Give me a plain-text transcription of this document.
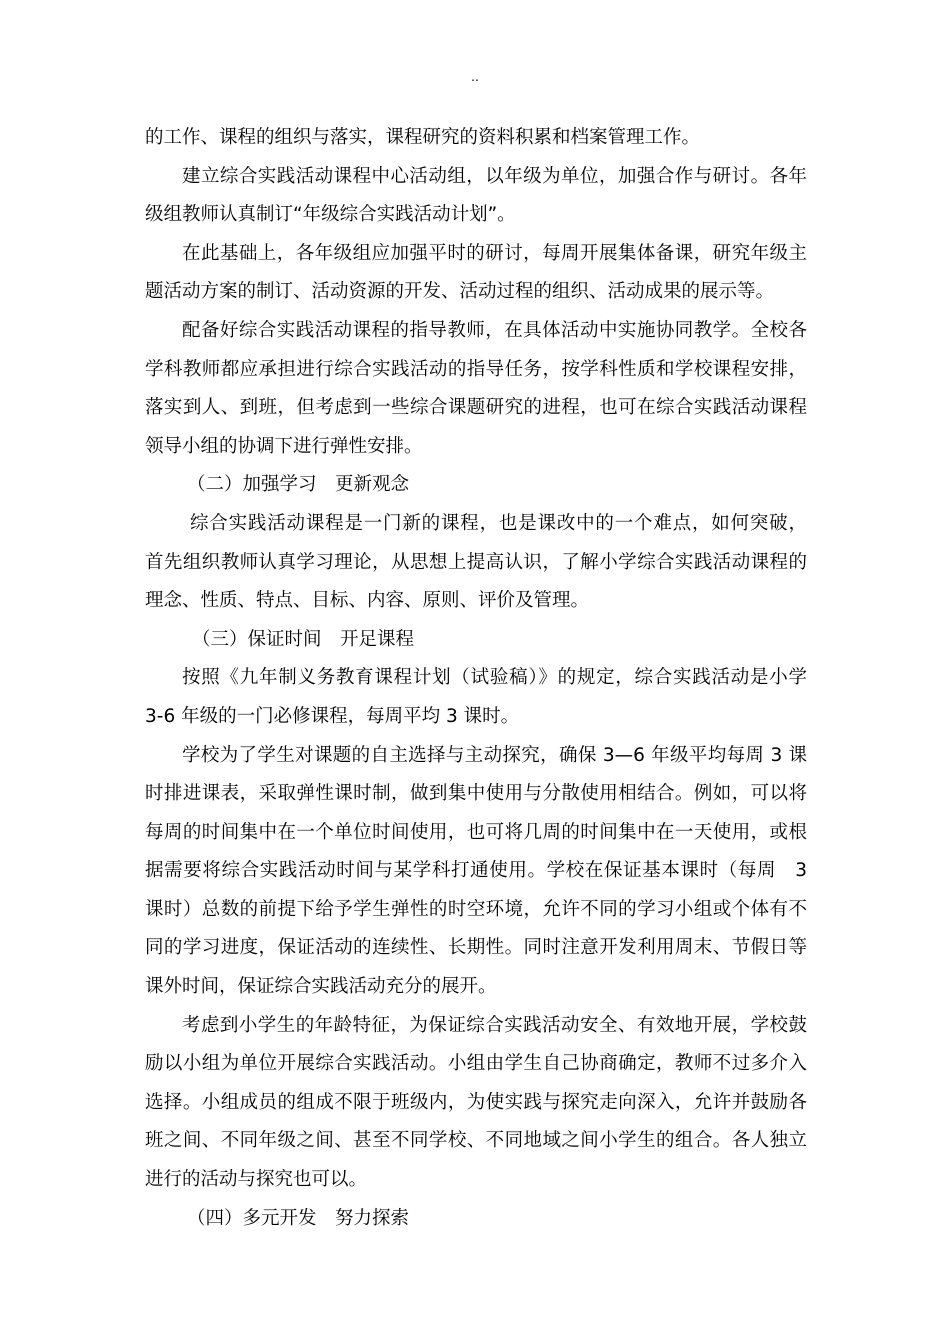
..
的工作、课程的组织与落实，课程研究的资料积累和档案管理工作。
建立综合实践活动课程中心活动组，以年级为单位，加强合作与研讨。各年
级组教师认真制订“年级综合实践活动计划”。
在此基础上，各年级组应加强平时的研讨，每周开展集体备课，研究年级主
题活动方案的制订、活动资源的开发、活动过程的组织、活动成果的展示等。
配备好综合实践活动课程的指导教师，在具体活动中实施协同教学。全校各
学科教师都应承担进行综合实践活动的指导任务，按学科性质和学校课程安排，
落实到人、到班，但考虑到一些综合课题研究的进程，也可在综合实践活动课程
领导小组的协调下进行弹性安排。
（二）加强学习　更新观念
综合实践活动课程是一门新的课程，也是课改中的一个难点，如何突破，
首先组织教师认真学习理论，从思想上提高认识，了解小学综合实践活动课程的
理念、性质、特点、目标、内容、原则、评价及管理。
（三）保证时间　开足课程
按照《九年制义务教育课程计划（试验稿）》的规定，综合实践活动是小学
3-6 年级的一门必修课程，每周平均 3 课时。
学校为了学生对课题的自主选择与主动探究，确保 3—6 年级平均每周 3 课
时排进课表，采取弹性课时制，做到集中使用与分散使用相结合。例如，可以将
每周的时间集中在一个单位时间使用，也可将几周的时间集中在一天使用，或根
据需要将综合实践活动时间与某学科打通使用。学校在保证基本课时（每周　3
课时）总数的前提下给予学生弹性的时空环境，允许不同的学习小组或个体有不
同的学习进度，保证活动的连续性、长期性。同时注意开发利用周末、节假日等
课外时间，保证综合实践活动充分的展开。
考虑到小学生的年龄特征，为保证综合实践活动安全、有效地开展，学校鼓
励以小组为单位开展综合实践活动。小组由学生自己协商确定，教师不过多介入
选择。小组成员的组成不限于班级内，为使实践与探究走向深入，允许并鼓励各
班之间、不同年级之间、甚至不同学校、不同地域之间小学生的组合。各人独立
进行的活动与探究也可以。
（四）多元开发　努力探索
